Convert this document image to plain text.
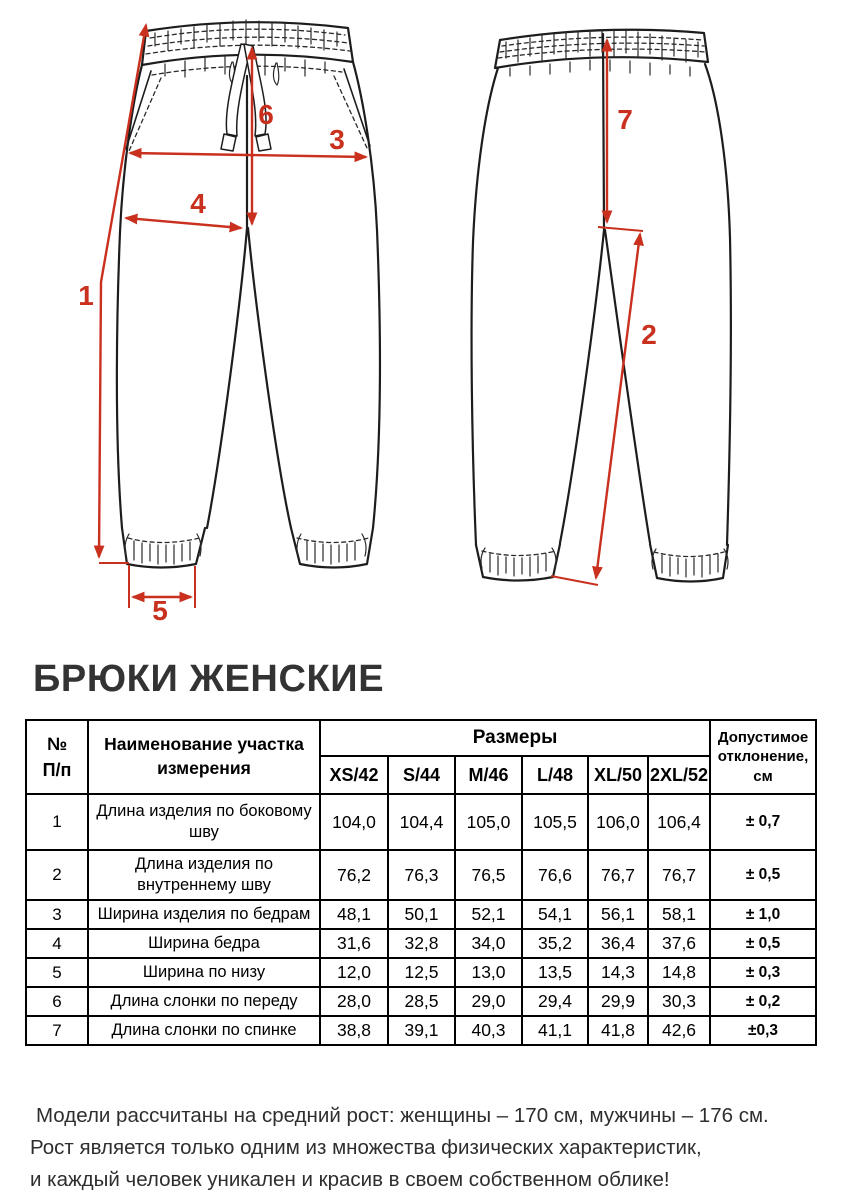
1
2
3
4
5
6	7
БРЮКИ ЖЕНСКИЕ
№
П/п	Наименование участка измерения	Размеры						Допустимое отклонение, см
		XS/42	S/44	M/46	L/48	XL/50	2XL/52	
1	Длина изделия по боковому шву	104,0	104,4	105,0	105,5	106,0	106,4	± 0,7
2	Длина изделия по внутреннему шву	76,2	76,3	76,5	76,6	76,7	76,7	± 0,5
3	Ширина изделия по бедрам	48,1	50,1	52,1	54,1	56,1	58,1	± 1,0
4	Ширина бедра	31,6	32,8	34,0	35,2	36,4	37,6	± 0,5
5	Ширина по низу	12,0	12,5	13,0	13,5	14,3	14,8	± 0,3
6	Длина слонки по переду	28,0	28,5	29,0	29,4	29,9	30,3	± 0,2
7	Длина слонки по спинке	38,8	39,1	40,3	41,1	41,8	42,6	±0,3
Модели рассчитаны на средний рост: женщины – 170 см, мужчины – 176 см.
Рост является только одним из множества физических характеристик,
и каждый человек уникален и красив в своем собственном облике!
